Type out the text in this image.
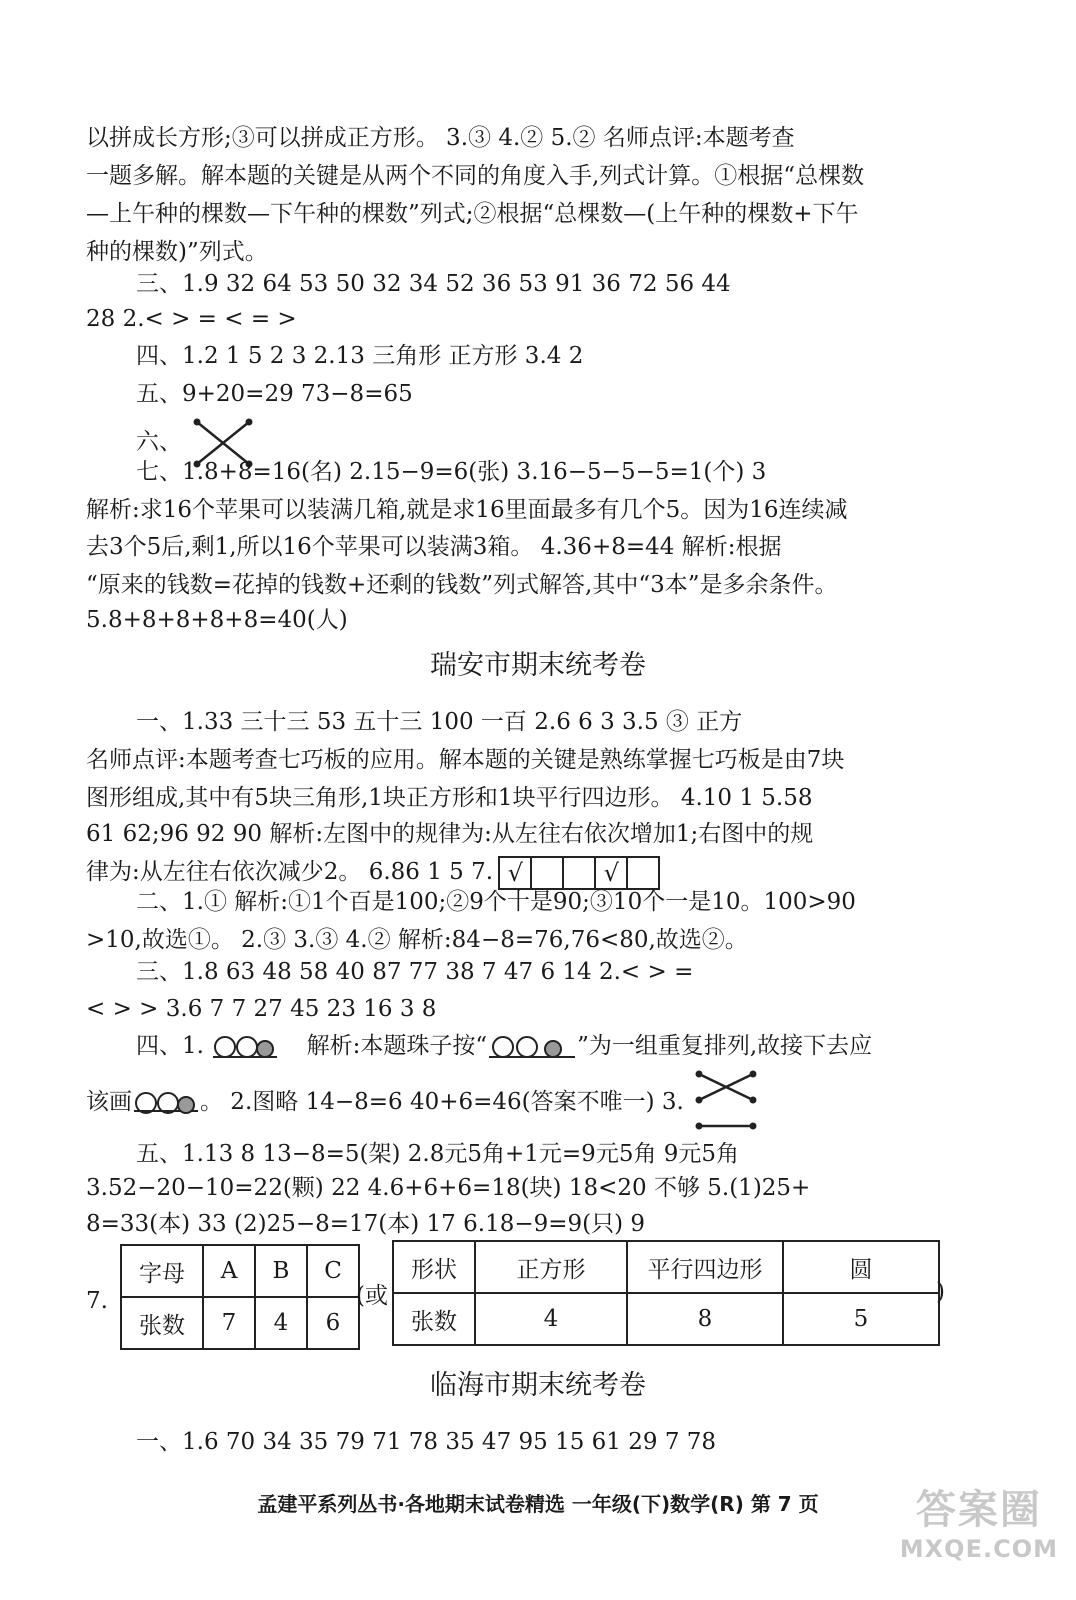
以拼成长方形;③可以拼成正方形。 3.③ 4.② 5.② 名师点评:本题考查
一题多解。解本题的关键是从两个不同的角度入手,列式计算。①根据“总棵数
—上午种的棵数—下午种的棵数”列式;②根据“总棵数—(上午种的棵数+下午
种的棵数)”列式。
三、1.9 32 64 53 50 32 34 52 36 53 91 36 72 56 44
28 2.< > = < = >
四、1.2 1 5 2 3 2.13 三角形 正方形 3.4 2
五、9+20=29 73−8=65
六、
七、1.8+8=16(名) 2.15−9=6(张) 3.16−5−5−5=1(个) 3
解析:求16个苹果可以装满几箱,就是求16里面最多有几个5。因为16连续减
去3个5后,剩1,所以16个苹果可以装满3箱。 4.36+8=44 解析:根据
“原来的钱数=花掉的钱数+还剩的钱数”列式解答,其中“3本”是多余条件。
5.8+8+8+8+8=40(人)
瑞安市期末统考卷
一、1.33 三十三 53 五十三 100 一百 2.6 6 3 3.5 ③ 正方
名师点评:本题考查七巧板的应用。解本题的关键是熟练掌握七巧板是由7块
图形组成,其中有5块三角形,1块正方形和1块平行四边形。 4.10 1 5.58
61 62;96 92 90 解析:左图中的规律为:从左往右依次增加1;右图中的规
律为:从左往右依次减少2。 6.86 1 5 7. √	√
二、1.① 解析:①1个百是100;②9个十是90;③10个一是10。100>90
>10,故选①。 2.③ 3.③ 4.② 解析:84−8=76,76<80,故选②。
三、1.8 63 48 58 40 87 77 38 7 47 6 14 2.< > =
< > > 3.6 7 7 27 45 23 16 3 8
四、1.	解析:本题珠子按“	”为一组重复排列,故接下去应
该画	。 2.图略 14−8=6 40+6=46(答案不唯一) 3.
五、1.13 8 13−8=5(架) 2.8元5角+1元=9元5角 9元5角
3.52−20−10=22(颗) 22 4.6+6+6=18(块) 18<20 不够 5.(1)25+
8=33(本) 33 (2)25−8=17(本) 17 6.18−9=9(只) 9
7.
字母	A	B	C
张数	7	4	6
(或
形状	正方形	平行四边形	圆
张数	4	8	5
)
临海市期末统考卷
一、1.6 70 34 35 79 71 78 35 47 95 15 61 29 7 78
孟建平系列丛书·各地期末试卷精选 一年级(下)数学(R) 第 7 页	答案圈
MXQE.COM
